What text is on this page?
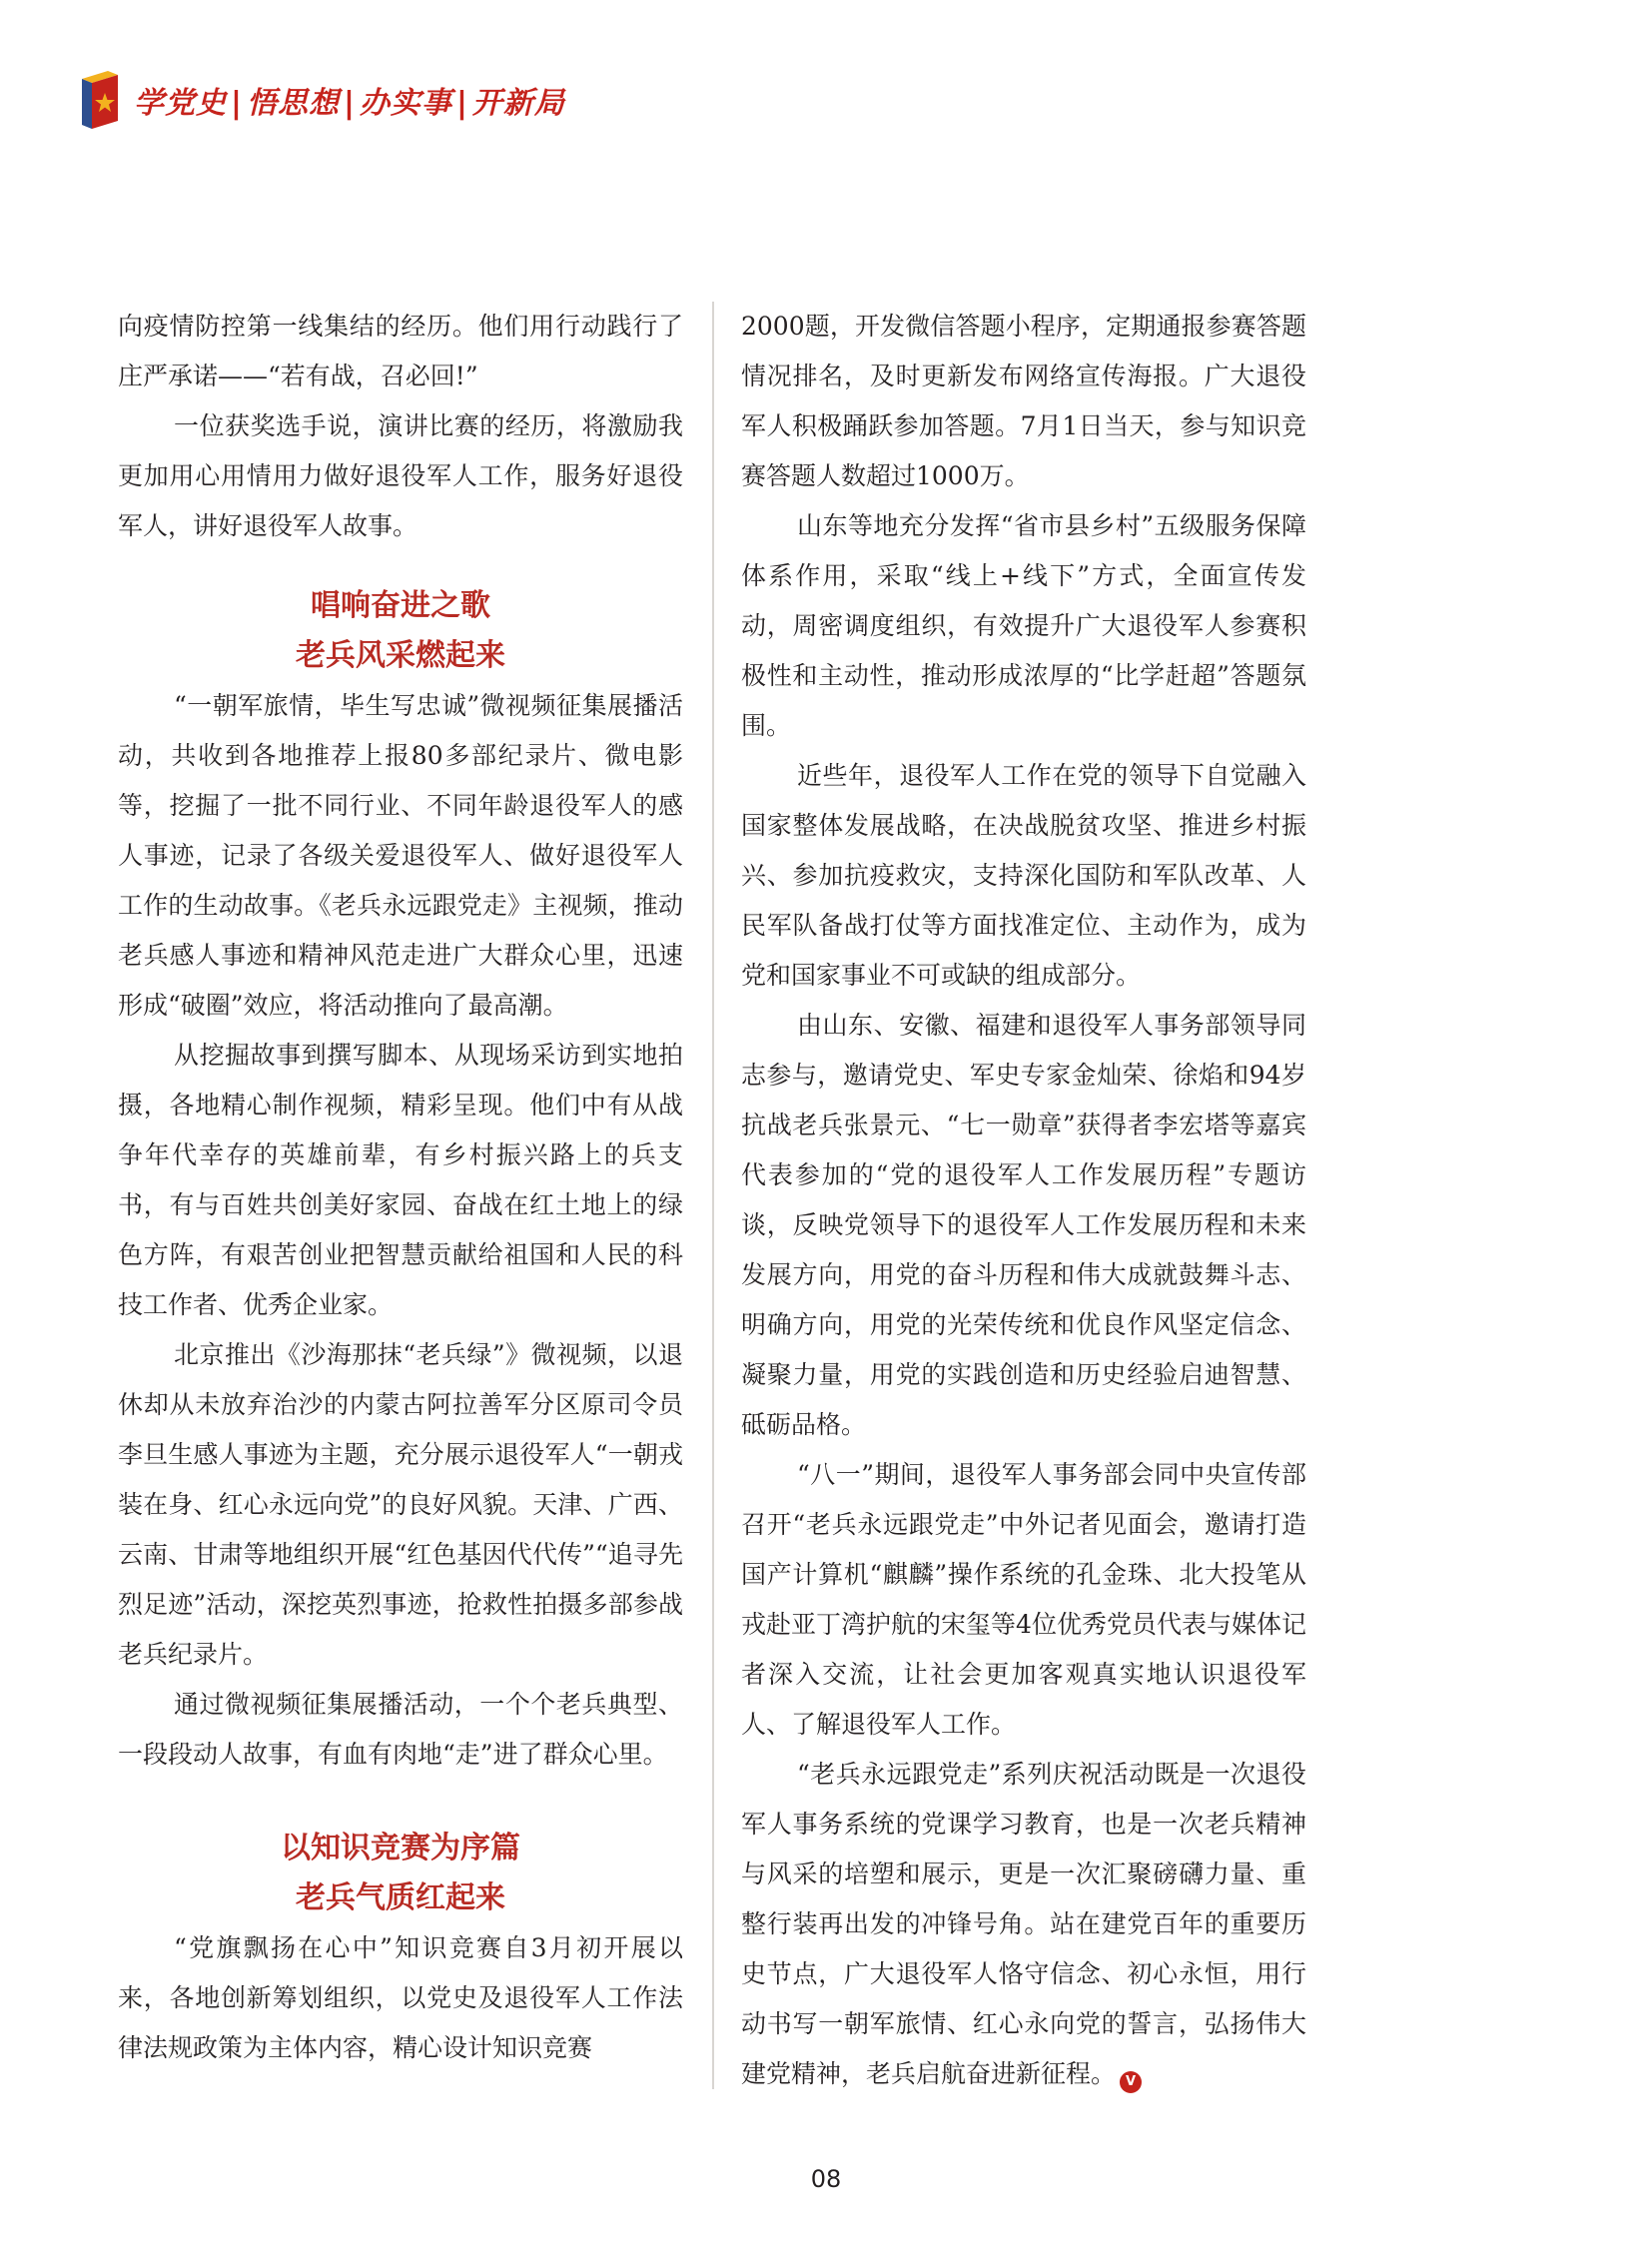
学党史 | 悟思想 | 办实事 | 开新局

向疫情防控第一线集结的经历。他们用行动践行了庄严承诺——“若有战，召必回!”

一位获奖选手说，演讲比赛的经历，将激励我更加用心用情用力做好退役军人工作，服务好退役军人，讲好退役军人故事。

唱响奋进之歌
老兵风采燃起来

“一朝军旅情，毕生写忠诚”微视频征集展播活动，共收到各地推荐上报80多部纪录片、微电影等，挖掘了一批不同行业、不同年龄退役军人的感人事迹，记录了各级关爱退役军人、做好退役军人工作的生动故事。《老兵永远跟党走》主视频，推动老兵感人事迹和精神风范走进广大群众心里，迅速形成“破圈”效应，将活动推向了最高潮。

从挖掘故事到撰写脚本、从现场采访到实地拍摄，各地精心制作视频，精彩呈现。他们中有从战争年代幸存的英雄前辈，有乡村振兴路上的兵支书，有与百姓共创美好家园、奋战在红土地上的绿色方阵，有艰苦创业把智慧贡献给祖国和人民的科技工作者、优秀企业家。

北京推出《沙海那抹“老兵绿”》微视频，以退休却从未放弃治沙的内蒙古阿拉善军分区原司令员李旦生感人事迹为主题，充分展示退役军人“一朝戎装在身、红心永远向党”的良好风貌。天津、广西、云南、甘肃等地组织开展“红色基因代代传”“追寻先烈足迹”活动，深挖英烈事迹，抢救性拍摄多部参战老兵纪录片。

通过微视频征集展播活动，一个个老兵典型、一段段动人故事，有血有肉地“走”进了群众心里。

以知识竞赛为序篇
老兵气质红起来

“党旗飘扬在心中”知识竞赛自3月初开展以来，各地创新筹划组织，以党史及退役军人工作法律法规政策为主体内容，精心设计知识竞赛

2000题，开发微信答题小程序，定期通报参赛答题情况排名，及时更新发布网络宣传海报。广大退役军人积极踊跃参加答题。7月1日当天，参与知识竞赛答题人数超过1000万。

山东等地充分发挥“省市县乡村”五级服务保障体系作用，采取“线上+线下”方式，全面宣传发动，周密调度组织，有效提升广大退役军人参赛积极性和主动性，推动形成浓厚的“比学赶超”答题氛围。

近些年，退役军人工作在党的领导下自觉融入国家整体发展战略，在决战脱贫攻坚、推进乡村振兴、参加抗疫救灾，支持深化国防和军队改革、人民军队备战打仗等方面找准定位、主动作为，成为党和国家事业不可或缺的组成部分。

由山东、安徽、福建和退役军人事务部领导同志参与，邀请党史、军史专家金灿荣、徐焰和94岁抗战老兵张景元、“七一勋章”获得者李宏塔等嘉宾代表参加的“党的退役军人工作发展历程”专题访谈，反映党领导下的退役军人工作发展历程和未来发展方向，用党的奋斗历程和伟大成就鼓舞斗志、明确方向，用党的光荣传统和优良作风坚定信念、凝聚力量，用党的实践创造和历史经验启迪智慧、砥砺品格。

“八一”期间，退役军人事务部会同中央宣传部召开“老兵永远跟党走”中外记者见面会，邀请打造国产计算机“麒麟”操作系统的孔金珠、北大投笔从戎赴亚丁湾护航的宋玺等4位优秀党员代表与媒体记者深入交流，让社会更加客观真实地认识退役军人、了解退役军人工作。

“老兵永远跟党走”系列庆祝活动既是一次退役军人事务系统的党课学习教育，也是一次老兵精神与风采的培塑和展示，更是一次汇聚磅礴力量、重整行装再出发的冲锋号角。站在建党百年的重要历史节点，广大退役军人恪守信念、初心永恒，用行动书写一朝军旅情、红心永向党的誓言，弘扬伟大建党精神，老兵启航奋进新征程。 V

08
